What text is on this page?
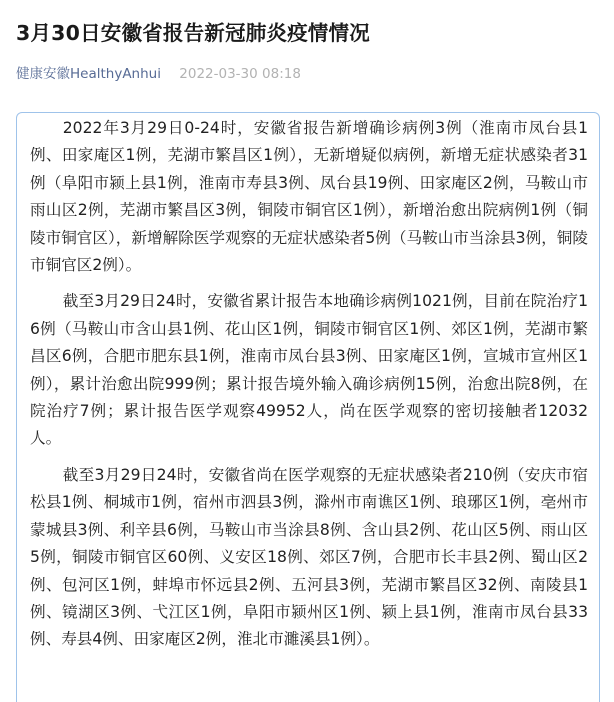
3月30日安徽省报告新冠肺炎疫情情况
健康安徽HealthyAnhui 2022-03-30 08:18

2022年3月29日0-24时，安徽省报告新增确诊病例3例（淮南市凤台县1例、田家庵区1例，芜湖市繁昌区1例），无新增疑似病例，新增无症状感染者31例（阜阳市颍上县1例，淮南市寿县3例、凤台县19例、田家庵区2例，马鞍山市雨山区2例，芜湖市繁昌区3例，铜陵市铜官区1例），新增治愈出院病例1例（铜陵市铜官区），新增解除医学观察的无症状感染者5例（马鞍山市当涂县3例，铜陵市铜官区2例）。

截至3月29日24时，安徽省累计报告本地确诊病例1021例，目前在院治疗16例（马鞍山市含山县1例、花山区1例，铜陵市铜官区1例、郊区1例，芜湖市繁昌区6例，合肥市肥东县1例，淮南市凤台县3例、田家庵区1例，宣城市宣州区1例），累计治愈出院999例；累计报告境外输入确诊病例15例，治愈出院8例，在院治疗7例；累计报告医学观察49952人，尚在医学观察的密切接触者12032人。

截至3月29日24时，安徽省尚在医学观察的无症状感染者210例（安庆市宿松县1例、桐城市1例，宿州市泗县3例，滁州市南谯区1例、琅琊区1例，亳州市蒙城县3例、利辛县6例，马鞍山市当涂县8例、含山县2例、花山区5例、雨山区5例，铜陵市铜官区60例、义安区18例、郊区7例，合肥市长丰县2例、蜀山区2例、包河区1例，蚌埠市怀远县2例、五河县3例，芜湖市繁昌区32例、南陵县1例、镜湖区3例、弋江区1例，阜阳市颍州区1例、颍上县1例，淮南市凤台县33例、寿县4例、田家庵区2例，淮北市濉溪县1例）。
